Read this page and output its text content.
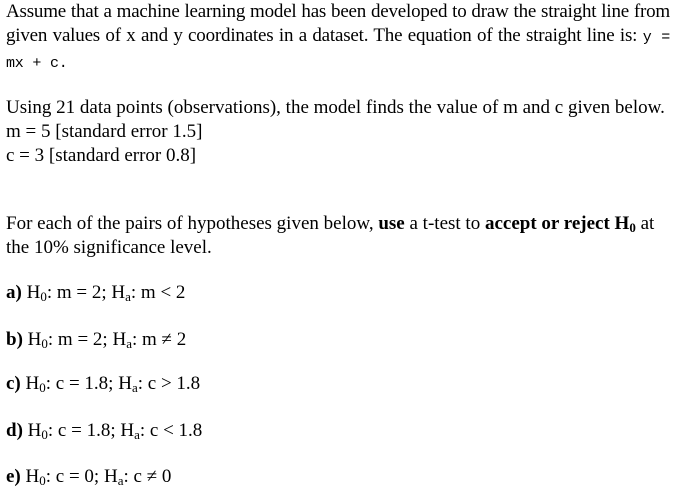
Assume that a machine learning model has been developed to draw the straight line from given values of x and y coordinates in a dataset. The equation of the straight line is: y = mx + c.
Using 21 data points (observations), the model finds the value of m and c given below.
m = 5 [standard error 1.5]
c = 3 [standard error 0.8]
For each of the pairs of hypotheses given below, use a t-test to accept or reject $H_0$ at the 10% significance level.
a) $H_0$: m = 2; $H_a$: m < 2
b) $H_0$: m = 2; $H_a$: m ≠ 2
c) $H_0$: c = 1.8; $H_a$: c > 1.8
d) $H_0$: c = 1.8; $H_a$: c < 1.8
e) $H_0$: c = 0; $H_a$: c ≠ 0
